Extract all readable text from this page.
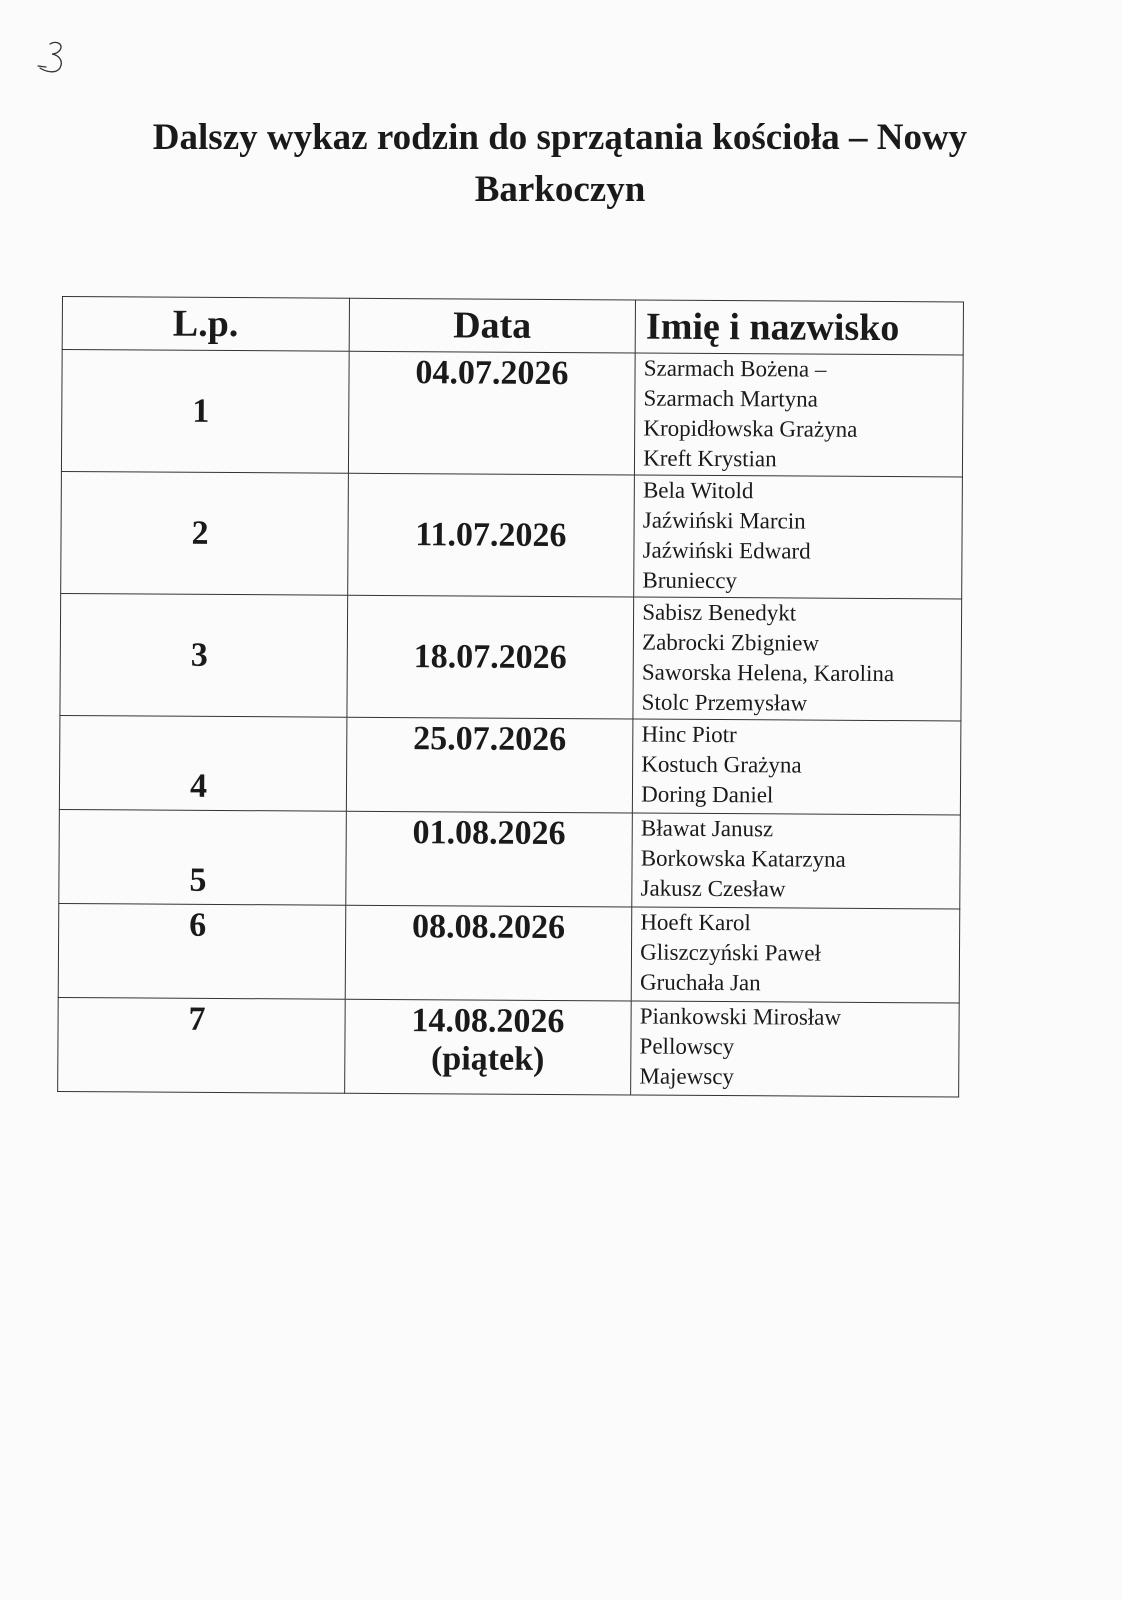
Dalszy wykaz rodzin do sprzątania kościoła – Nowy
Barkoczyn
L.p.	Data	Imię i nazwisko
1	04.07.2026	Szarmach Bożena –
Szarmach Martyna
Kropidłowska Grażyna
Kreft Krystian

2	11.07.2026	Bela Witold
Jaźwiński Marcin
Jaźwiński Edward
Brunieccy

3	18.07.2026	Sabisz Benedykt
Zabrocki Zbigniew
Saworska Helena, Karolina
Stolc Przemysław

4	25.07.2026	Hinc Piotr
Kostuch Grażyna
Doring Daniel

5	01.08.2026	Bławat Janusz
Borkowska Katarzyna
Jakusz Czesław

6	08.08.2026	Hoeft Karol
Gliszczyński Paweł
Gruchała Jan

7	14.08.2026
(piątek)	Piankowski Mirosław
Pellowscy
Majewscy
